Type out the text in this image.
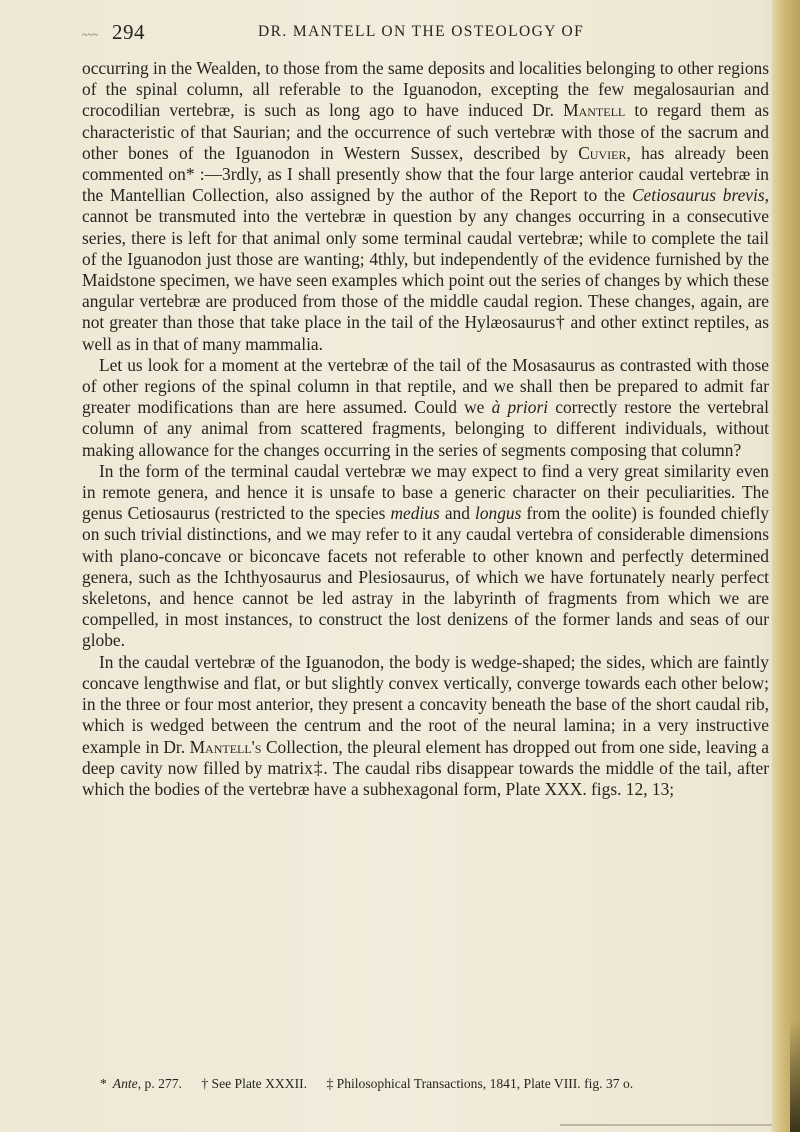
~~~ 294	DR. MANTELL ON THE OSTEOLOGY OF

occurring in the Wealden, to those from the same deposits and localities belonging to other regions of the spinal column, all referable to the Iguanodon, excepting the few megalosaurian and crocodilian vertebræ, is such as long ago to have induced Dr. Mantell to regard them as characteristic of that Saurian; and the occurrence of such vertebræ with those of the sacrum and other bones of the Iguanodon in Western Sussex, described by Cuvier, has already been commented on* :—3rdly, as I shall presently show that the four large anterior caudal vertebræ in the Mantellian Collection, also assigned by the author of the Report to the Cetiosaurus brevis, cannot be transmuted into the vertebræ in question by any changes occurring in a consecutive series, there is left for that animal only some terminal caudal vertebræ; while to complete the tail of the Iguanodon just those are wanting; 4thly, but independently of the evidence furnished by the Maidstone specimen, we have seen examples which point out the series of changes by which these angular vertebræ are produced from those of the middle caudal region. These changes, again, are not greater than those that take place in the tail of the Hylæosaurus† and other extinct reptiles, as well as in that of many mammalia.

Let us look for a moment at the vertebræ of the tail of the Mosasaurus as contrasted with those of other regions of the spinal column in that reptile, and we shall then be prepared to admit far greater modifications than are here assumed. Could we à priori correctly restore the vertebral column of any animal from scattered fragments, belonging to different individuals, without making allowance for the changes occurring in the series of segments composing that column?

In the form of the terminal caudal vertebræ we may expect to find a very great similarity even in remote genera, and hence it is unsafe to base a generic character on their peculiarities. The genus Cetiosaurus (restricted to the species medius and longus from the oolite) is founded chiefly on such trivial distinctions, and we may refer to it any caudal vertebra of considerable dimensions with plano-concave or biconcave facets not referable to other known and perfectly determined genera, such as the Ichthyosaurus and Plesiosaurus, of which we have fortunately nearly perfect skeletons, and hence cannot be led astray in the labyrinth of fragments from which we are compelled, in most instances, to construct the lost denizens of the former lands and seas of our globe.

In the caudal vertebræ of the Iguanodon, the body is wedge-shaped; the sides, which are faintly concave lengthwise and flat, or but slightly convex vertically, converge towards each other below; in the three or four most anterior, they present a concavity beneath the base of the short caudal rib, which is wedged between the centrum and the root of the neural lamina; in a very instructive example in Dr. Mantell's Collection, the pleural element has dropped out from one side, leaving a deep cavity now filled by matrix‡. The caudal ribs disappear towards the middle of the tail, after which the bodies of the vertebræ have a subhexagonal form, Plate XXX. figs. 12, 13;

* Ante, p. 277. † See Plate XXXII. ‡ Philosophical Transactions, 1841, Plate VIII. fig. 37 o.
